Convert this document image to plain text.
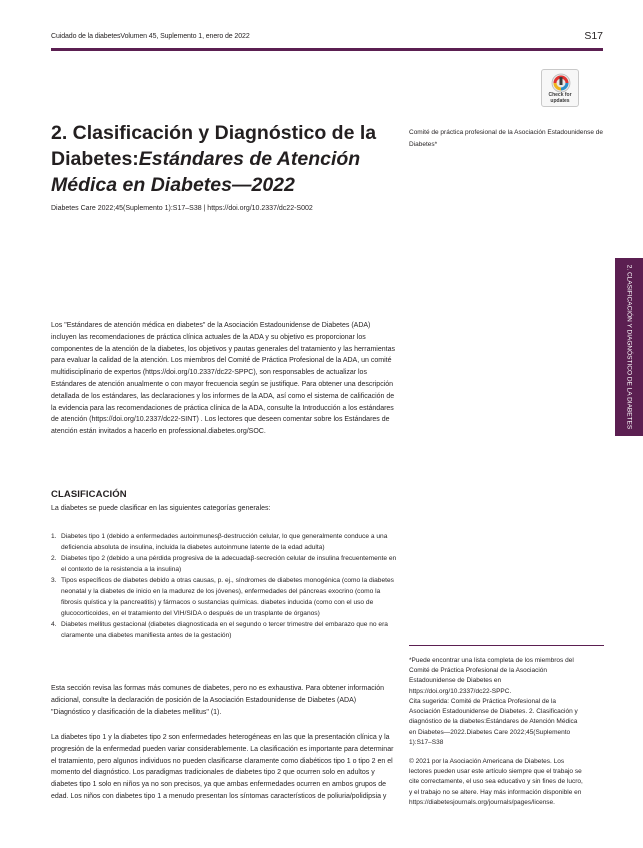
Cuidado de la diabetesVolumen 45, Suplemento 1, enero de 2022	S17
Check for
updates
2. Clasificación y Diagnóstico de la Diabetes:Estándares de Atención Médica en Diabetes—2022
Diabetes Care 2022;45(Suplemento 1):S17–S38 | https://doi.org/10.2337/dc22-S002
Comité de práctica profesional de la Asociación Estadounidense de Diabetes*
2. CLASIFICACIÓN Y DIAGNÓSTICO DE LA DIABETES

Los "Estándares de atención médica en diabetes" de la Asociación Estadounidense de Diabetes (ADA) incluyen las recomendaciones de práctica clínica actuales de la ADA y su objetivo es proporcionar los componentes de la atención de la diabetes, los objetivos y pautas generales del tratamiento y las herramientas para evaluar la calidad de la atención. Los miembros del Comité de Práctica Profesional de la ADA, un comité multidisciplinario de expertos (https://doi.org/10.2337/dc22-SPPC), son responsables de actualizar los Estándares de atención anualmente o con mayor frecuencia según se justifique. Para obtener una descripción detallada de los estándares, las declaraciones y los informes de la ADA, así como el sistema de calificación de la evidencia para las recomendaciones de práctica clínica de la ADA, consulte la Introducción a los estándares de atención (https://doi.org/10.2337/dc22-SINT) . Los lectores que deseen comentar sobre los Estándares de atención están invitados a hacerlo en professional.diabetes.org/SOC.

CLASIFICACIÓN

La diabetes se puede clasificar en las siguientes categorías generales:

1. Diabetes tipo 1 (debido a enfermedades autoinmunesβ-destrucción celular, lo que generalmente conduce a una deficiencia absoluta de insulina, incluida la diabetes autoinmune latente de la edad adulta)
2. Diabetes tipo 2 (debido a una pérdida progresiva de la adecuadaβ-secreción celular de insulina frecuentemente en el contexto de la resistencia a la insulina)
3. Tipos específicos de diabetes debido a otras causas, p. ej., síndromes de diabetes monogénica (como la diabetes neonatal y la diabetes de inicio en la madurez de los jóvenes), enfermedades del páncreas exocrino (como la fibrosis quística y la pancreatitis) y fármacos o sustancias químicas. diabetes inducida (como con el uso de glucocorticoides, en el tratamiento del VIH/SIDA o después de un trasplante de órganos)
4. Diabetes mellitus gestacional (diabetes diagnosticada en el segundo o tercer trimestre del embarazo que no era claramente una diabetes manifiesta antes de la gestación)

Esta sección revisa las formas más comunes de diabetes, pero no es exhaustiva. Para obtener información adicional, consulte la declaración de posición de la Asociación Estadounidense de Diabetes (ADA) "Diagnóstico y clasificación de la diabetes mellitus" (1).

La diabetes tipo 1 y la diabetes tipo 2 son enfermedades heterogéneas en las que la presentación clínica y la progresión de la enfermedad pueden variar considerablemente. La clasificación es importante para determinar el tratamiento, pero algunos individuos no pueden clasificarse claramente como diabéticos tipo 1 o tipo 2 en el momento del diagnóstico. Los paradigmas tradicionales de diabetes tipo 2 que ocurren solo en adultos y diabetes tipo 1 solo en niños ya no son precisos, ya que ambas enfermedades ocurren en ambos grupos de edad. Los niños con diabetes tipo 1 a menudo presentan los síntomas característicos de poliuria/polidipsia y

*Puede encontrar una lista completa de los miembros del Comité de Práctica Profesional de la Asociación Estadounidense de Diabetes en https://doi.org/10.2337/dc22-SPPC.

Cita sugerida: Comité de Práctica Profesional de la Asociación Estadounidense de Diabetes. 2. Clasificación y diagnóstico de la diabetes:Estándares de Atención Médica en Diabetes—2022.Diabetes Care 2022;45(Suplemento 1):S17–S38

© 2021 por la Asociación Americana de Diabetes. Los lectores pueden usar este artículo siempre que el trabajo se cite correctamente, el uso sea educativo y sin fines de lucro, y el trabajo no se altere. Hay más información disponible en https://diabetesjournals.org/journals/pages/license.
